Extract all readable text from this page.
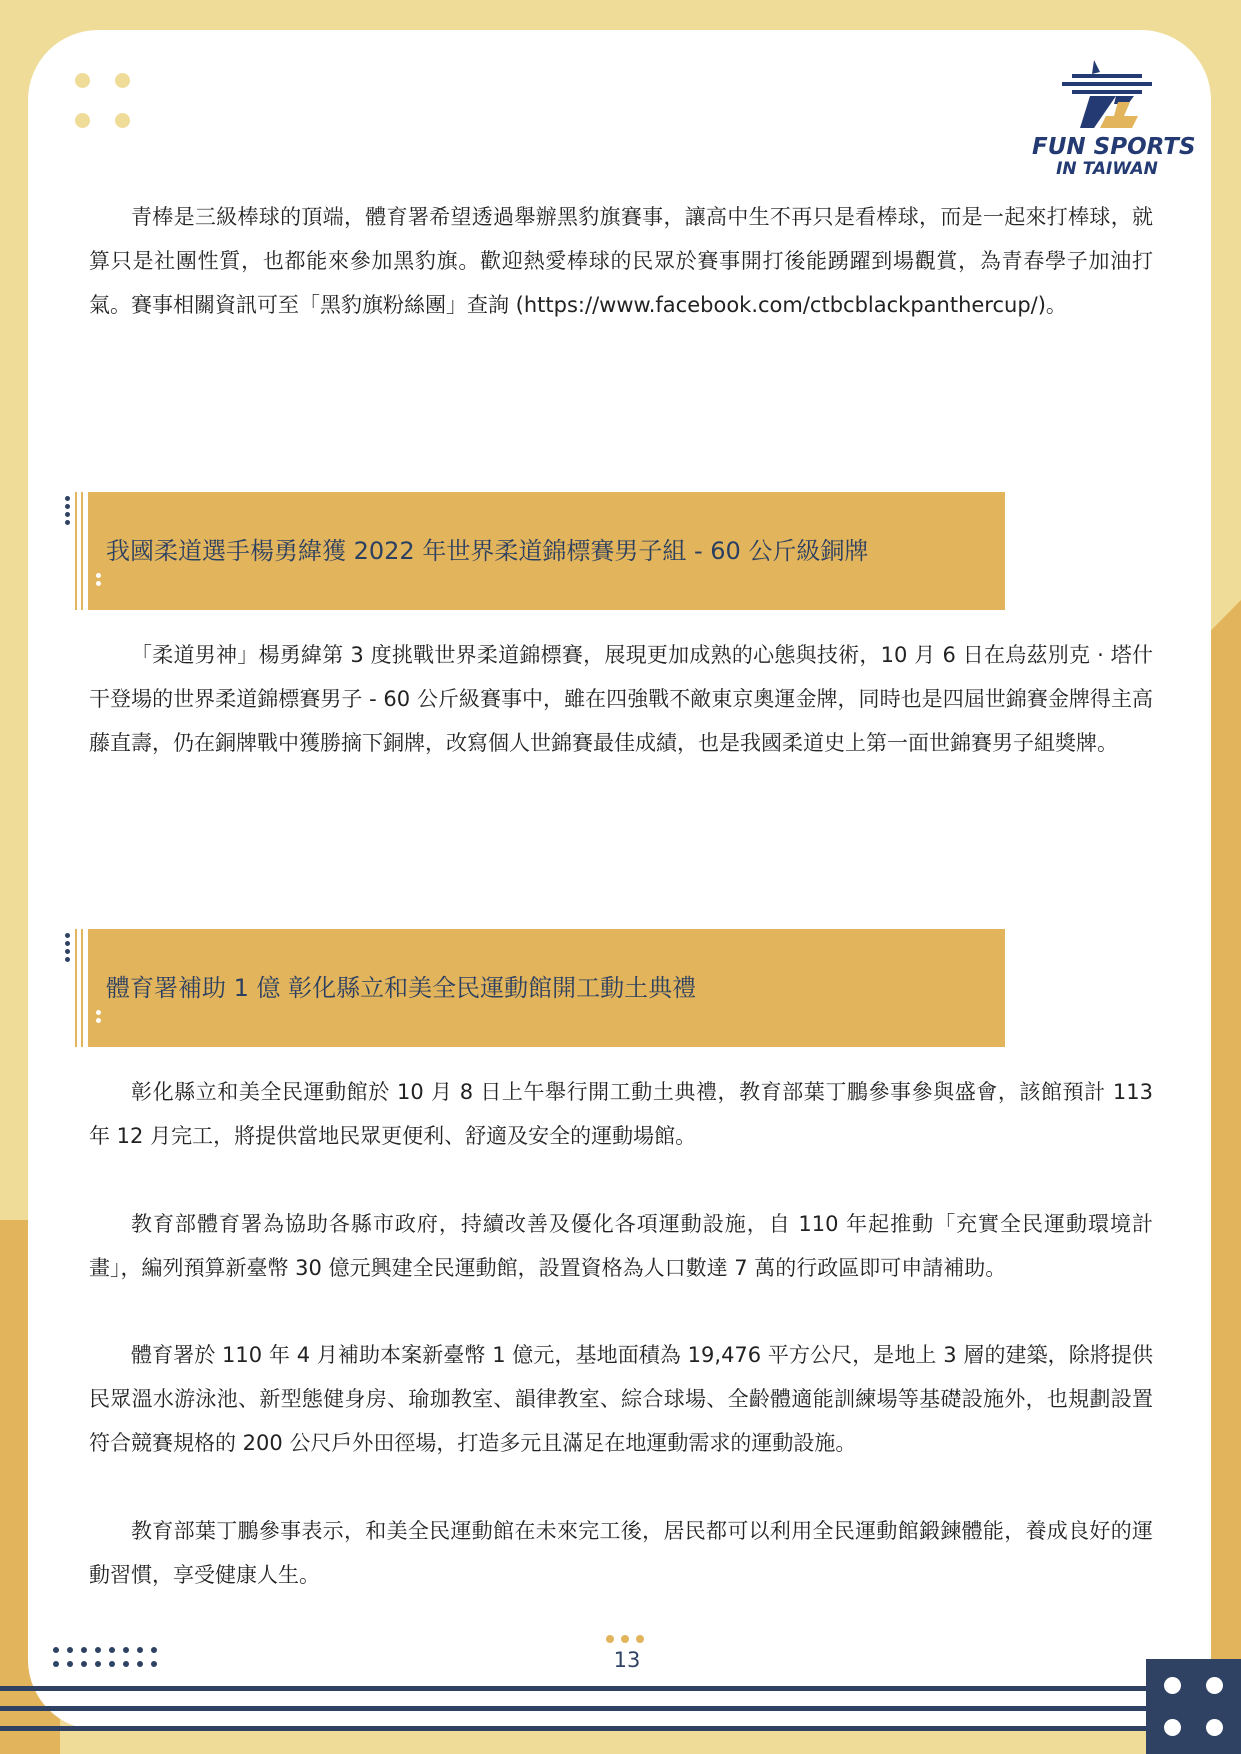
FUN SPORTS
IN TAIWAN

青棒是三級棒球的頂端，體育署希望透過舉辦黑豹旗賽事，讓高中生不再只是看棒球，而是一起來打棒球，就算只是社團性質，也都能來參加黑豹旗。歡迎熱愛棒球的民眾於賽事開打後能踴躍到場觀賞，為青春學子加油打氣。賽事相關資訊可至「黑豹旗粉絲團」查詢 (https://www.facebook.com/ctbcblackpanthercup/)。

我國柔道選手楊勇緯獲 2022 年世界柔道錦標賽男子組 - 60 公斤級銅牌

「柔道男神」楊勇緯第 3 度挑戰世界柔道錦標賽，展現更加成熟的心態與技術，10 月 6 日在烏茲別克 · 塔什干登場的世界柔道錦標賽男子 - 60 公斤級賽事中，雖在四強戰不敵東京奧運金牌，同時也是四屆世錦賽金牌得主高藤直壽，仍在銅牌戰中獲勝摘下銅牌，改寫個人世錦賽最佳成績，也是我國柔道史上第一面世錦賽男子組獎牌。

體育署補助 1 億 彰化縣立和美全民運動館開工動土典禮

彰化縣立和美全民運動館於 10 月 8 日上午舉行開工動土典禮，教育部葉丁鵬參事參與盛會，該館預計 113 年 12 月完工，將提供當地民眾更便利、舒適及安全的運動場館。

教育部體育署為協助各縣市政府，持續改善及優化各項運動設施，自 110 年起推動「充實全民運動環境計畫」，編列預算新臺幣 30 億元興建全民運動館，設置資格為人口數達 7 萬的行政區即可申請補助。

體育署於 110 年 4 月補助本案新臺幣 1 億元，基地面積為 19,476 平方公尺，是地上 3 層的建築，除將提供民眾溫水游泳池、新型態健身房、瑜珈教室、韻律教室、綜合球場、全齡體適能訓練場等基礎設施外，也規劃設置符合競賽規格的 200 公尺戶外田徑場，打造多元且滿足在地運動需求的運動設施。

教育部葉丁鵬參事表示，和美全民運動館在未來完工後，居民都可以利用全民運動館鍛鍊體能，養成良好的運動習慣，享受健康人生。

13
